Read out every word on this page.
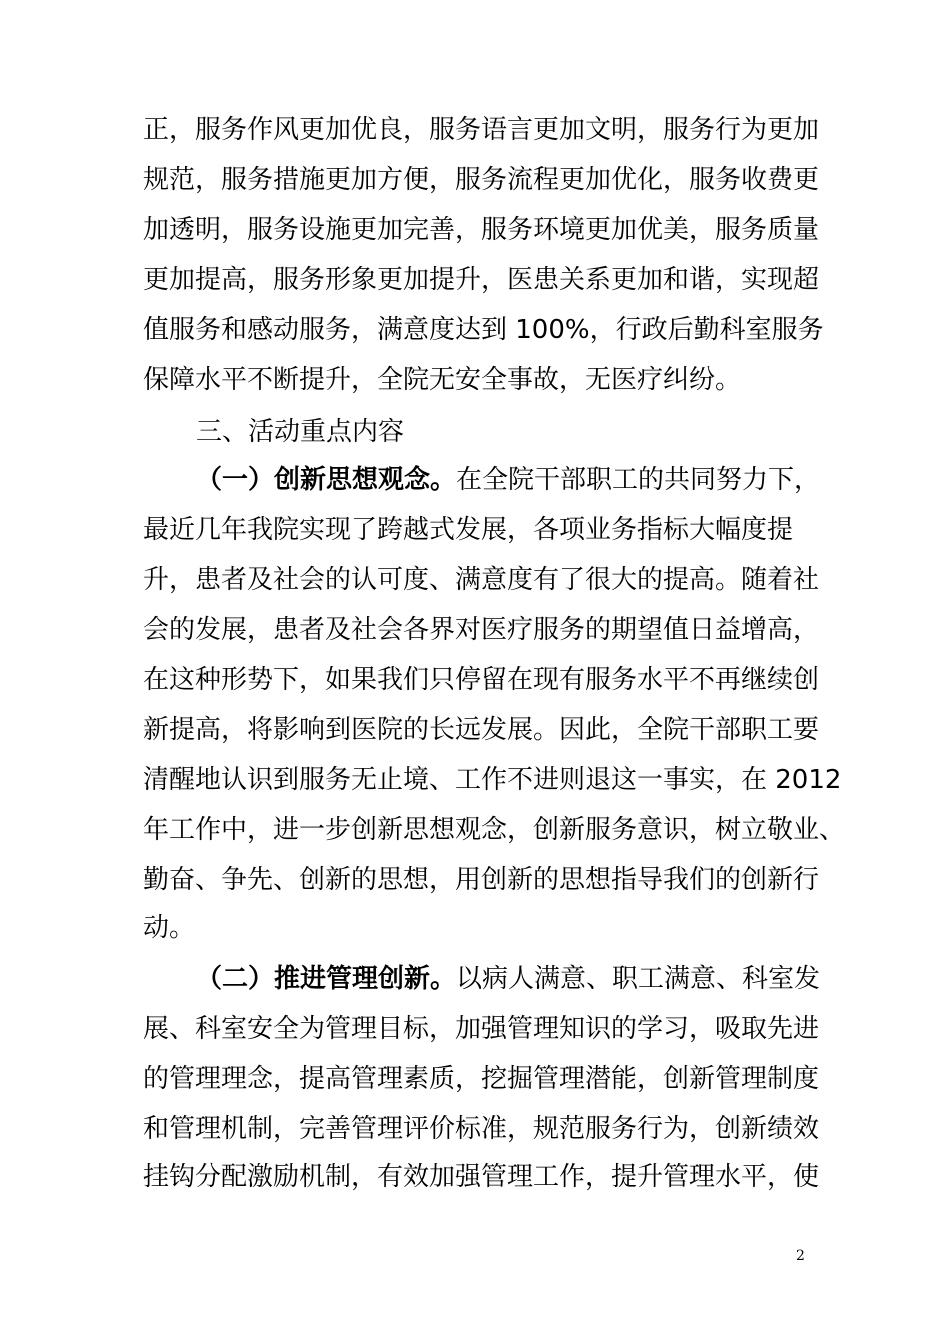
正，服务作风更加优良，服务语言更加文明，服务行为更加
规范，服务措施更加方便，服务流程更加优化，服务收费更
加透明，服务设施更加完善，服务环境更加优美，服务质量
更加提高，服务形象更加提升，医患关系更加和谐，实现超
值服务和感动服务，满意度达到 100%，行政后勤科室服务
保障水平不断提升，全院无安全事故，无医疗纠纷。
三、活动重点内容
（一）创新思想观念。在全院干部职工的共同努力下，
最近几年我院实现了跨越式发展，各项业务指标大幅度提
升，患者及社会的认可度、满意度有了很大的提高。随着社
会的发展，患者及社会各界对医疗服务的期望值日益增高，
在这种形势下，如果我们只停留在现有服务水平不再继续创
新提高，将影响到医院的长远发展。因此，全院干部职工要
清醒地认识到服务无止境、工作不进则退这一事实，在 2012
年工作中，进一步创新思想观念，创新服务意识，树立敬业、
勤奋、争先、创新的思想，用创新的思想指导我们的创新行
动。
（二）推进管理创新。以病人满意、职工满意、科室发
展、科室安全为管理目标，加强管理知识的学习，吸取先进
的管理理念，提高管理素质，挖掘管理潜能，创新管理制度
和管理机制，完善管理评价标准，规范服务行为，创新绩效
挂钩分配激励机制，有效加强管理工作，提升管理水平，使
2
